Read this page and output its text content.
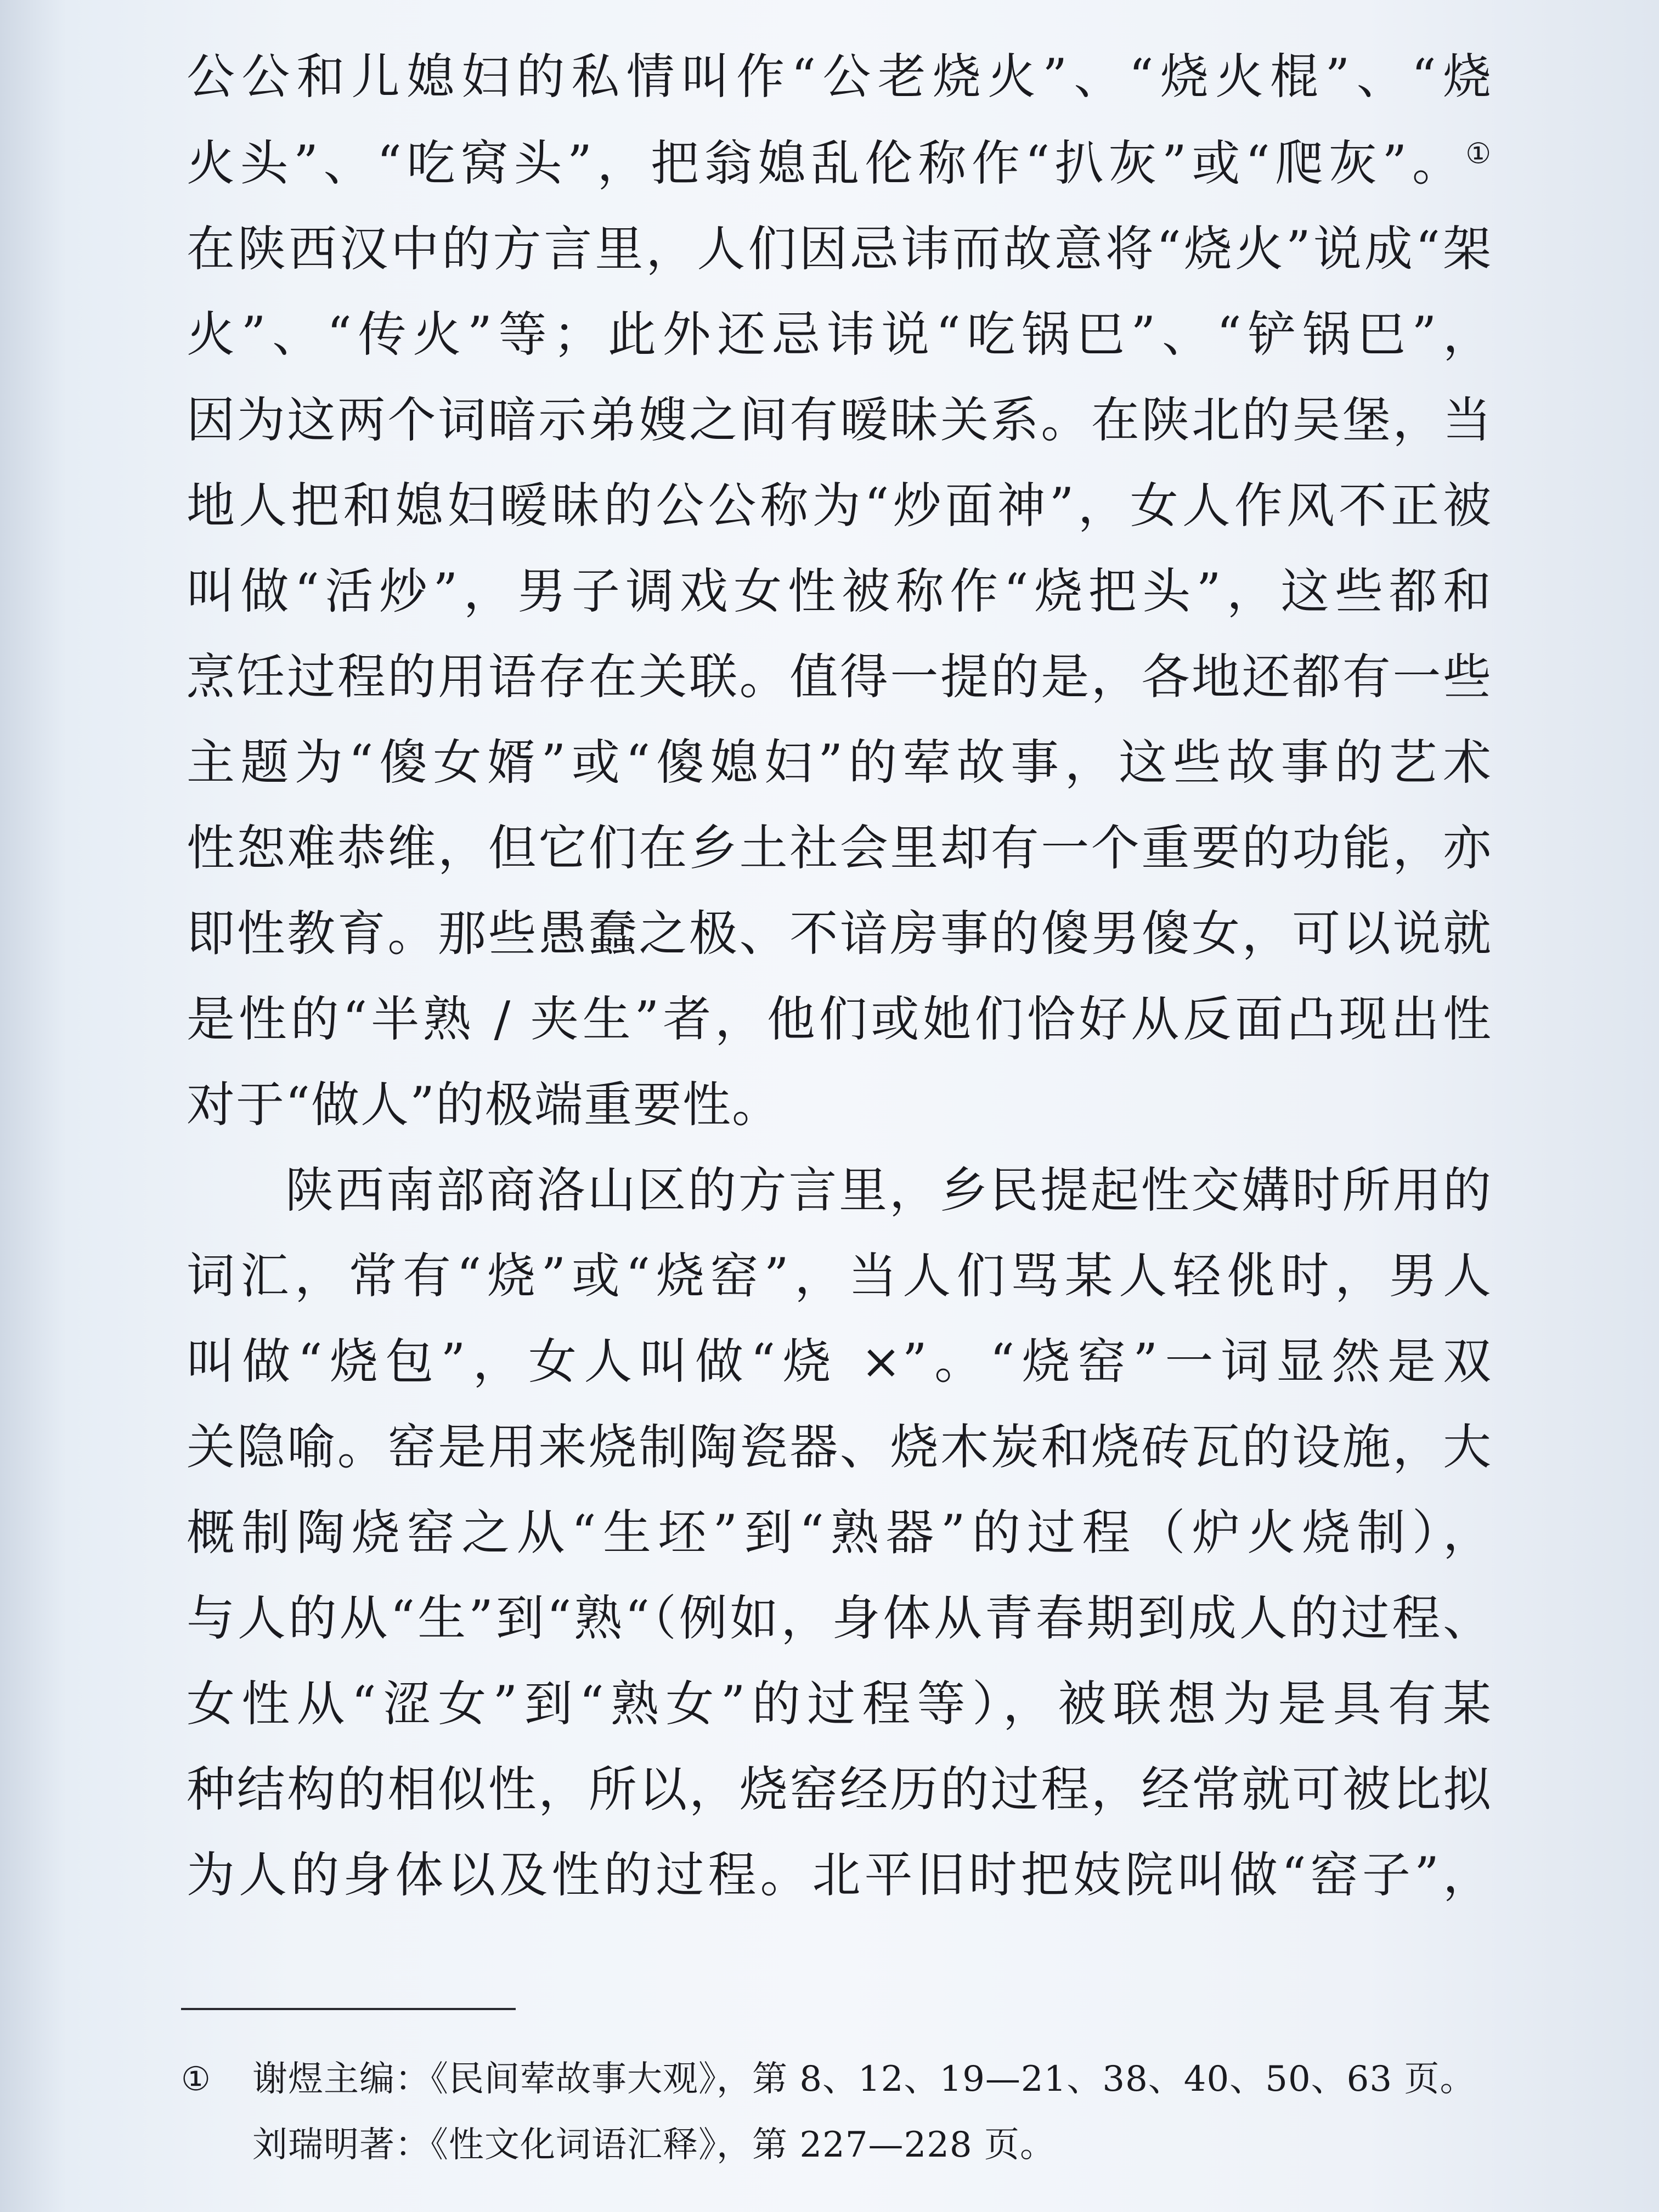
公公和儿媳妇的私情叫作“公老烧火”、“烧火棍”、“烧
火头”、“吃窝头”，把翁媳乱伦称作“扒灰”或“爬灰”。①
在陕西汉中的方言里，人们因忌讳而故意将“烧火”说成“架
火”、“传火”等；此外还忌讳说“吃锅巴”、“铲锅巴”，
因为这两个词暗示弟嫂之间有暧昧关系。在陕北的吴堡，当
地人把和媳妇暧昧的公公称为“炒面神”，女人作风不正被
叫做“活炒”，男子调戏女性被称作“烧把头”，这些都和
烹饪过程的用语存在关联。值得一提的是，各地还都有一些
主题为“傻女婿”或“傻媳妇”的荤故事，这些故事的艺术
性恕难恭维，但它们在乡土社会里却有一个重要的功能，亦
即性教育。那些愚蠢之极、不谙房事的傻男傻女，可以说就
是性的“半熟 / 夹生”者，他们或她们恰好从反面凸现出性
对于“做人”的极端重要性。
陕西南部商洛山区的方言里，乡民提起性交媾时所用的
词汇，常有“烧”或“烧窑”，当人们骂某人轻佻时，男人
叫做“烧包”，女人叫做“烧 ×”。“烧窑”一词显然是双
关隐喻。窑是用来烧制陶瓷器、烧木炭和烧砖瓦的设施，大
概制陶烧窑之从“生坯”到“熟器”的过程（炉火烧制），
与人的从“生”到“熟“（例如，身体从青春期到成人的过程、
女性从“涩女”到“熟女”的过程等），被联想为是具有某
种结构的相似性，所以，烧窑经历的过程，经常就可被比拟
为人的身体以及性的过程。北平旧时把妓院叫做“窑子”，
① 谢煜主编：《民间荤故事大观》，第 8、12、19—21、38、40、50、63 页。
刘瑞明著：《性文化词语汇释》，第 227—228 页。
